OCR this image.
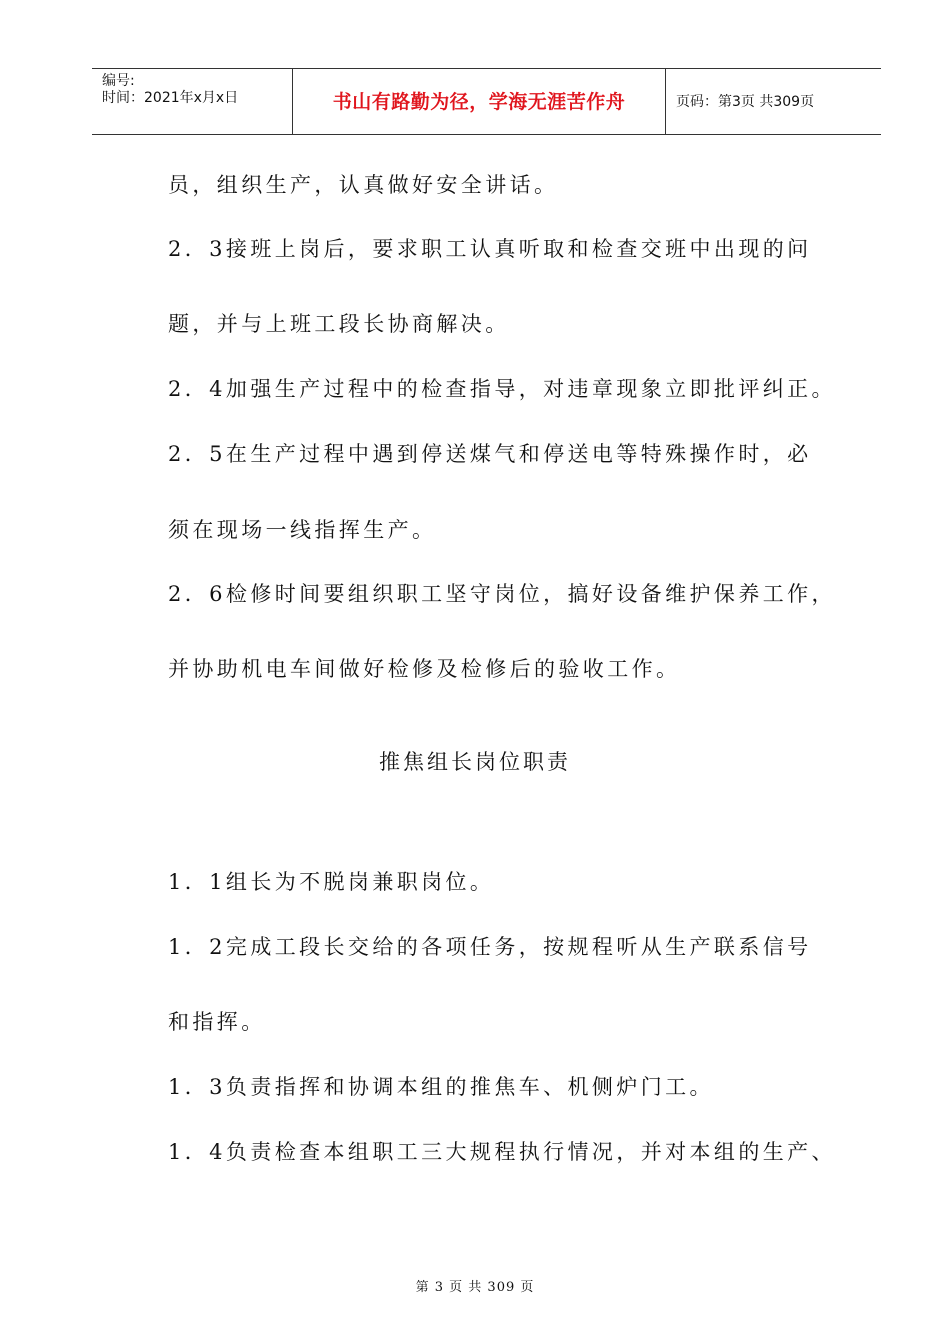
编号:
时间：2021年x月x日	书山有路勤为径，学海无涯苦作舟	页码：第3页 共309页
员，组织生产，认真做好安全讲话。
2．3接班上岗后，要求职工认真听取和检查交班中出现的问
题，并与上班工段长协商解决。
2．4加强生产过程中的检查指导，对违章现象立即批评纠正。
2．5在生产过程中遇到停送煤气和停送电等特殊操作时，必
须在现场一线指挥生产。
2．6检修时间要组织职工坚守岗位，搞好设备维护保养工作，
并协助机电车间做好检修及检修后的验收工作。
推焦组长岗位职责
1．1组长为不脱岗兼职岗位。
1．2完成工段长交给的各项任务，按规程听从生产联系信号
和指挥。
1．3负责指挥和协调本组的推焦车、机侧炉门工。
1．4负责检查本组职工三大规程执行情况，并对本组的生产、
第 3 页 共 309 页
